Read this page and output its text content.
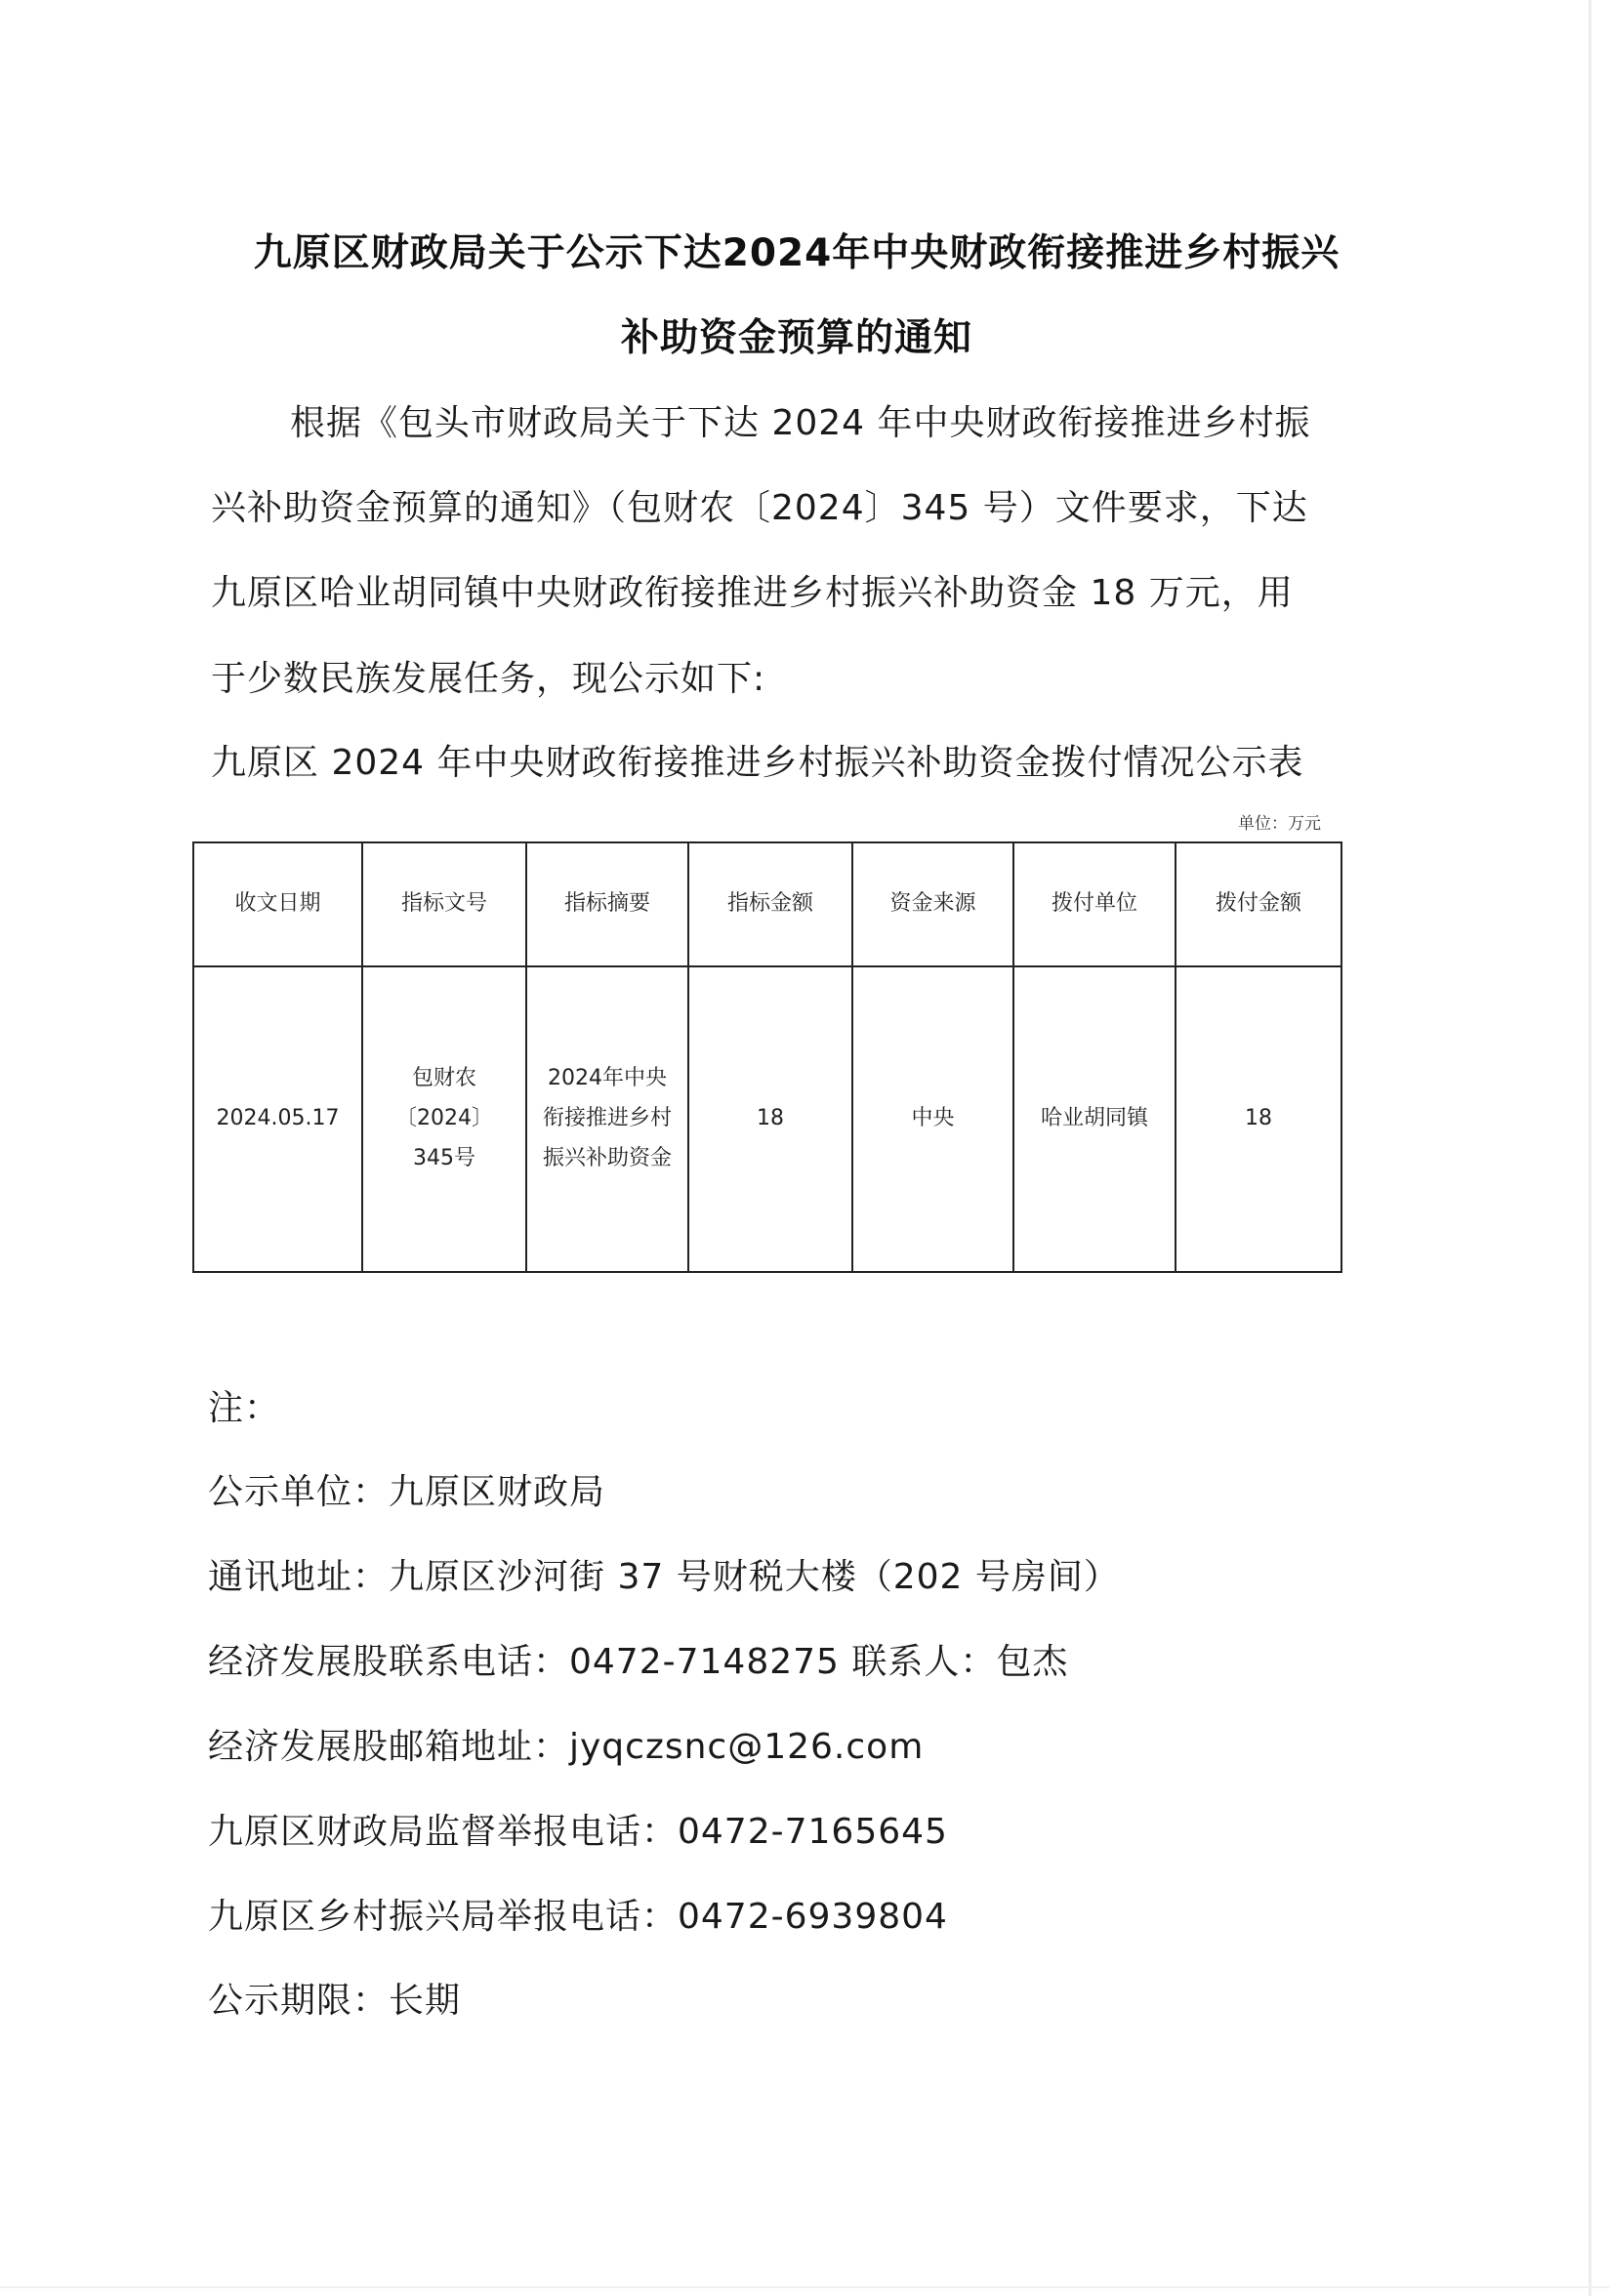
九原区财政局关于公示下达2024年中央财政衔接推进乡村振兴
补助资金预算的通知
根据《包头市财政局关于下达 2024 年中央财政衔接推进乡村振
兴补助资金预算的通知》（包财农〔2024〕345 号）文件要求，下达
九原区哈业胡同镇中央财政衔接推进乡村振兴补助资金 18 万元，用
于少数民族发展任务，现公示如下:
九原区 2024 年中央财政衔接推进乡村振兴补助资金拨付情况公示表
单位：万元
收文日期	指标文号	指标摘要	指标金额	资金来源	拨付单位	拨付金额
2024.05.17	包财农〔2024〕345号	2024年中央衔接推进乡村振兴补助资金	18	中央	哈业胡同镇	18
注：
公示单位：九原区财政局
通讯地址：九原区沙河街 37 号财税大楼（202 号房间）
经济发展股联系电话：0472-7148275 联系人：包杰
经济发展股邮箱地址：jyqczsnc@126.com
九原区财政局监督举报电话：0472-7165645
九原区乡村振兴局举报电话：0472-6939804
公示期限：长期
